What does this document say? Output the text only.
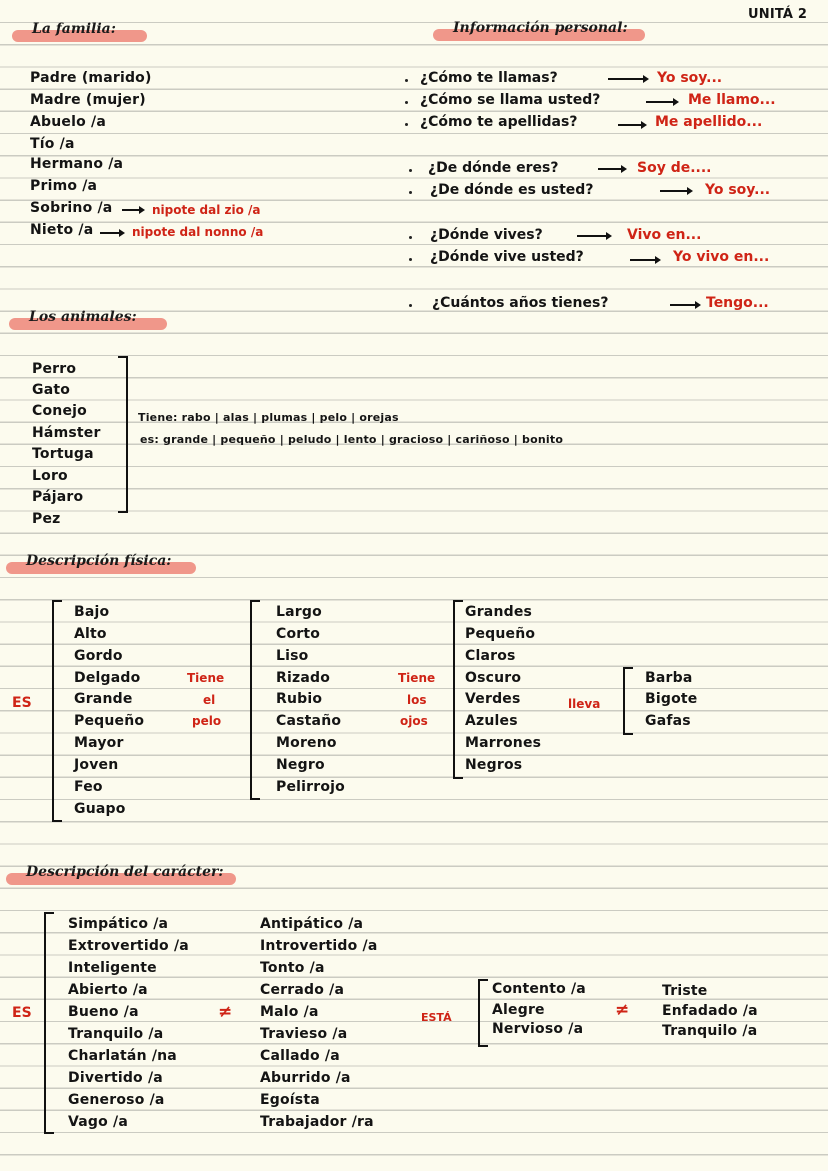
UNITÁ 2
La familia:
Padre (marido)
Madre (mujer)
Abuelo /a
Tío /a
Hermano /a
Primo /a
Sobrino /a	nipote dal zio /a
Nieto /a	nipote dal nonno /a
Información personal:
¿Cómo te llamas?	Yo soy...
¿Cómo se llama usted?	Me llamo...
¿Cómo te apellidas?	Me apellido...
¿De dónde eres?	Soy de....
¿De dónde es usted?	Yo soy...
¿Dónde vives?	Vivo en...
¿Dónde vive usted?	Yo vivo en...
¿Cuántos años tienes?	Tengo...
Los animales:
Perro
Gato
Conejo
Hámster
Tortuga
Loro
Pájaro
Pez
Tiene: rabo | alas | plumas | pelo | orejas
es: grande | pequeño | peludo | lento | gracioso | cariñoso | bonito
Descripción física:
ES
Bajo
Alto
Gordo
Delgado
Grande
Pequeño
Mayor
Joven
Feo
Guapo
Tiene
el
pelo
Largo
Corto
Liso
Rizado
Rubio
Castaño
Moreno
Negro
Pelirrojo
Tiene
los
ojos
Grandes
Pequeño
Claros
Oscuro
Verdes
Azules
Marrones
Negros
lleva
Barba
Bigote
Gafas
Descripción del carácter:
ES
Simpático /a
Extrovertido /a
Inteligente
Abierto /a
Bueno /a
Tranquilo /a
Charlatán /na
Divertido /a
Generoso /a
Vago /a
≠
Antipático /a
Introvertido /a
Tonto /a
Cerrado /a
Malo /a
Travieso /a
Callado /a
Aburrido /a
Egoísta
Trabajador /ra
ESTÁ
Contento /a
Alegre
Nervioso /a
≠
Triste
Enfadado /a
Tranquilo /a
